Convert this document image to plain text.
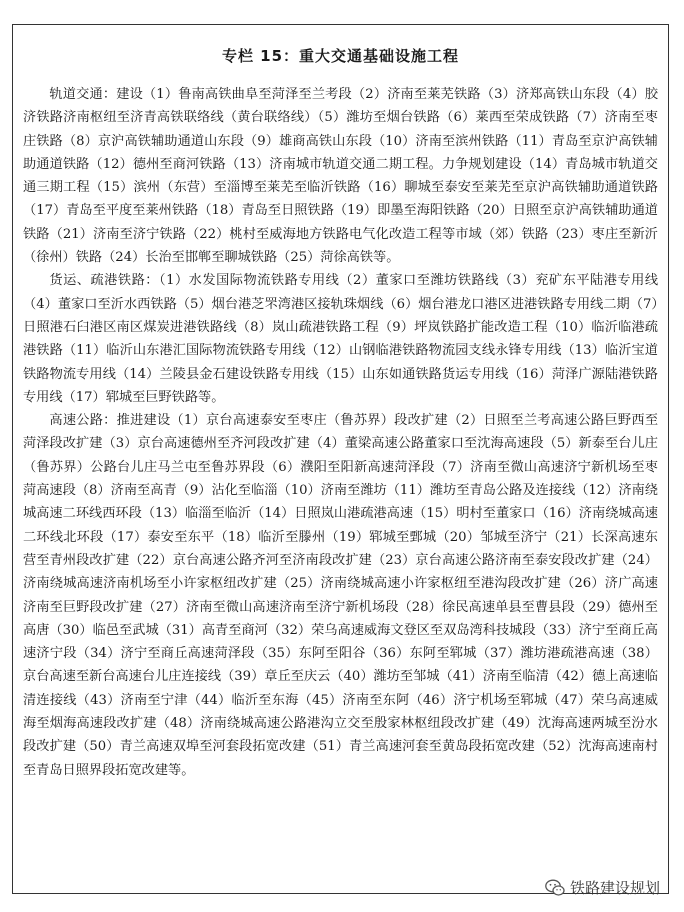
专栏 15：重大交通基础设施工程

轨道交通：建设（1）鲁南高铁曲阜至菏泽至兰考段（2）济南至莱芜铁路（3）济郑高铁山东段（4）胶济铁路济南枢纽至济青高铁联络线（黄台联络线）（5）潍坊至烟台铁路（6）莱西至荣成铁路（7）济南至枣庄铁路（8）京沪高铁辅助通道山东段（9）雄商高铁山东段（10）济南至滨州铁路（11）青岛至京沪高铁辅助通道铁路（12）德州至商河铁路（13）济南城市轨道交通二期工程。力争规划建设（14）青岛城市轨道交通三期工程（15）滨州（东营）至淄博至莱芜至临沂铁路（16）聊城至泰安至莱芜至京沪高铁辅助通道铁路（17）青岛至平度至莱州铁路（18）青岛至日照铁路（19）即墨至海阳铁路（20）日照至京沪高铁辅助通道铁路（21）济南至济宁铁路（22）桃村至威海地方铁路电气化改造工程等市域（郊）铁路（23）枣庄至新沂（徐州）铁路（24）长治至邯郸至聊城铁路（25）菏徐高铁等。

货运、疏港铁路：（1）水发国际物流铁路专用线（2）董家口至潍坊铁路线（3）兖矿东平陆港专用线（4）董家口至沂水西铁路（5）烟台港芝罘湾港区接轨珠烟线（6）烟台港龙口港区进港铁路专用线二期（7）日照港石臼港区南区煤炭进港铁路线（8）岚山疏港铁路工程（9）坪岚铁路扩能改造工程（10）临沂临港疏港铁路（11）临沂山东港汇国际物流铁路专用线（12）山钢临港铁路物流园支线永锋专用线（13）临沂宝道铁路物流专用线（14）兰陵县金石建设铁路专用线（15）山东如通铁路货运专用线（16）菏泽广源陆港铁路专用线（17）郓城至巨野铁路等。

高速公路：推进建设（1）京台高速泰安至枣庄（鲁苏界）段改扩建（2）日照至兰考高速公路巨野西至菏泽段改扩建（3）京台高速德州至齐河段改扩建（4）董梁高速公路董家口至沈海高速段（5）新泰至台儿庄（鲁苏界）公路台儿庄马兰屯至鲁苏界段（6）濮阳至阳新高速菏泽段（7）济南至微山高速济宁新机场至枣菏高速段（8）济南至高青（9）沾化至临淄（10）济南至潍坊（11）潍坊至青岛公路及连接线（12）济南绕城高速二环线西环段（13）临淄至临沂（14）日照岚山港疏港高速（15）明村至董家口（16）济南绕城高速二环线北环段（17）泰安至东平（18）临沂至滕州（19）郓城至鄄城（20）邹城至济宁（21）长深高速东营至青州段改扩建（22）京台高速公路齐河至济南段改扩建（23）京台高速公路济南至泰安段改扩建（24）济南绕城高速济南机场至小许家枢纽改扩建（25）济南绕城高速小许家枢纽至港沟段改扩建（26）济广高速济南至巨野段改扩建（27）济南至微山高速济南至济宁新机场段（28）徐民高速单县至曹县段（29）德州至高唐（30）临邑至武城（31）高青至商河（32）荣乌高速威海文登区至双岛湾科技城段（33）济宁至商丘高速济宁段（34）济宁至商丘高速菏泽段（35）东阿至阳谷（36）东阿至郓城（37）潍坊港疏港高速（38）京台高速至新台高速台儿庄连接线（39）章丘至庆云（40）潍坊至邹城（41）济南至临清（42）德上高速临清连接线（43）济南至宁津（44）临沂至东海（45）济南至东阿（46）济宁机场至郓城（47）荣乌高速威海至烟海高速段改扩建（48）济南绕城高速公路港沟立交至殷家林枢纽段改扩建（49）沈海高速两城至汾水段改扩建（50）青兰高速双埠至河套段拓宽改建（51）青兰高速河套至黄岛段拓宽改建（52）沈海高速南村至青岛日照界段拓宽改建等。

铁路建设规划
